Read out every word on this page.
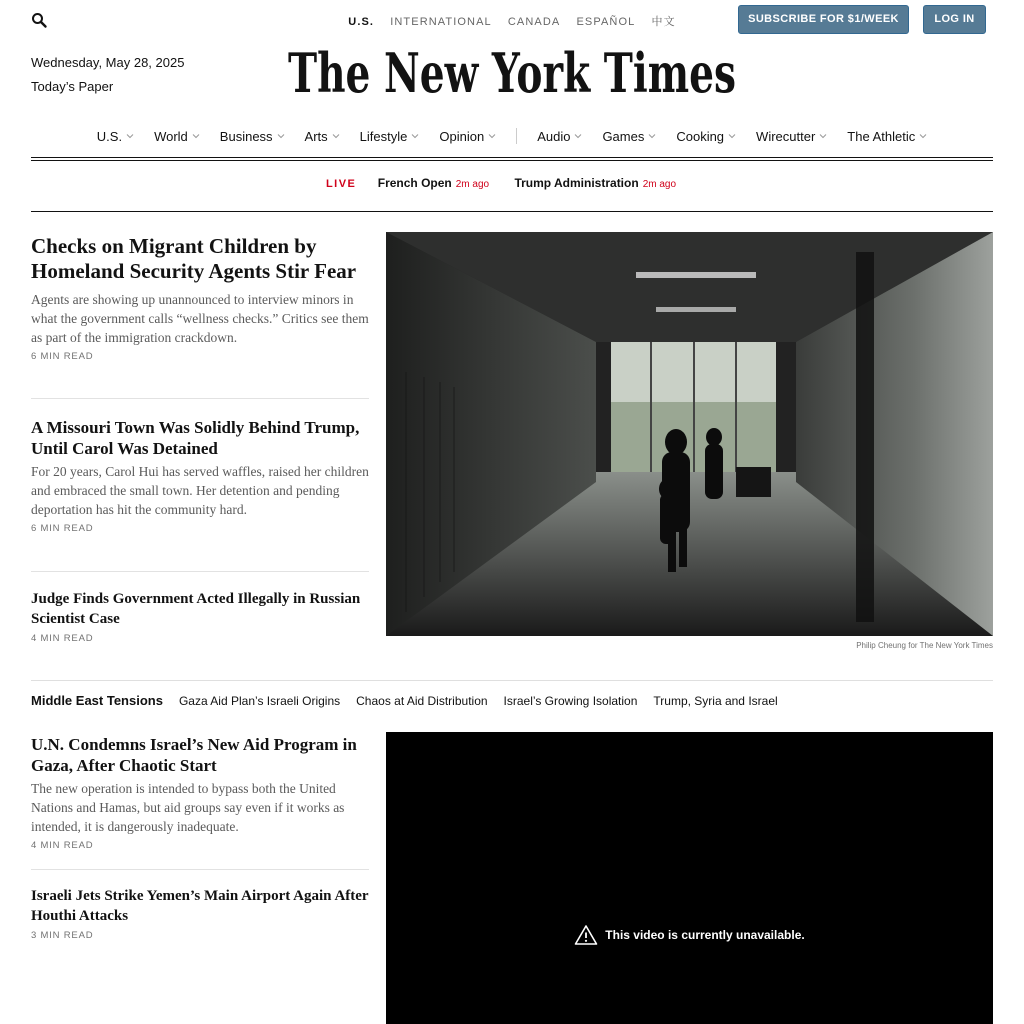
U.S. INTERNATIONAL CANADA ESPAÑOL 中文	SUBSCRIBE FOR $1/WEEK	LOG IN
Wednesday, May 28, 2025
Today’s Paper	The New York Times
U.S. World Business Arts Lifestyle Opinion	Audio Games Cooking Wirecutter The Athletic
LIVE French Open 2m ago Trump Administration 2m ago
Checks on Migrant Children by Homeland Security Agents Stir Fear
Agents are showing up unannounced to interview minors in what the government calls “wellness checks.” Critics see them as part of the immigration crackdown.
6 MIN READ
A Missouri Town Was Solidly Behind Trump, Until Carol Was Detained
For 20 years, Carol Hui has served waffles, raised her children and embraced the small town. Her detention and pending deportation has hit the community hard.
6 MIN READ
Judge Finds Government Acted Illegally in Russian Scientist Case
4 MIN READ
Philip Cheung for The New York Times
Middle East Tensions Gaza Aid Plan’s Israeli Origins Chaos at Aid Distribution Israel’s Growing Isolation Trump, Syria and Israel
U.N. Condemns Israel’s New Aid Program in Gaza, After Chaotic Start
The new operation is intended to bypass both the United Nations and Hamas, but aid groups say even if it works as intended, it is dangerously inadequate.
4 MIN READ
Israeli Jets Strike Yemen’s Main Airport Again After Houthi Attacks
3 MIN READ	This video is currently unavailable.
